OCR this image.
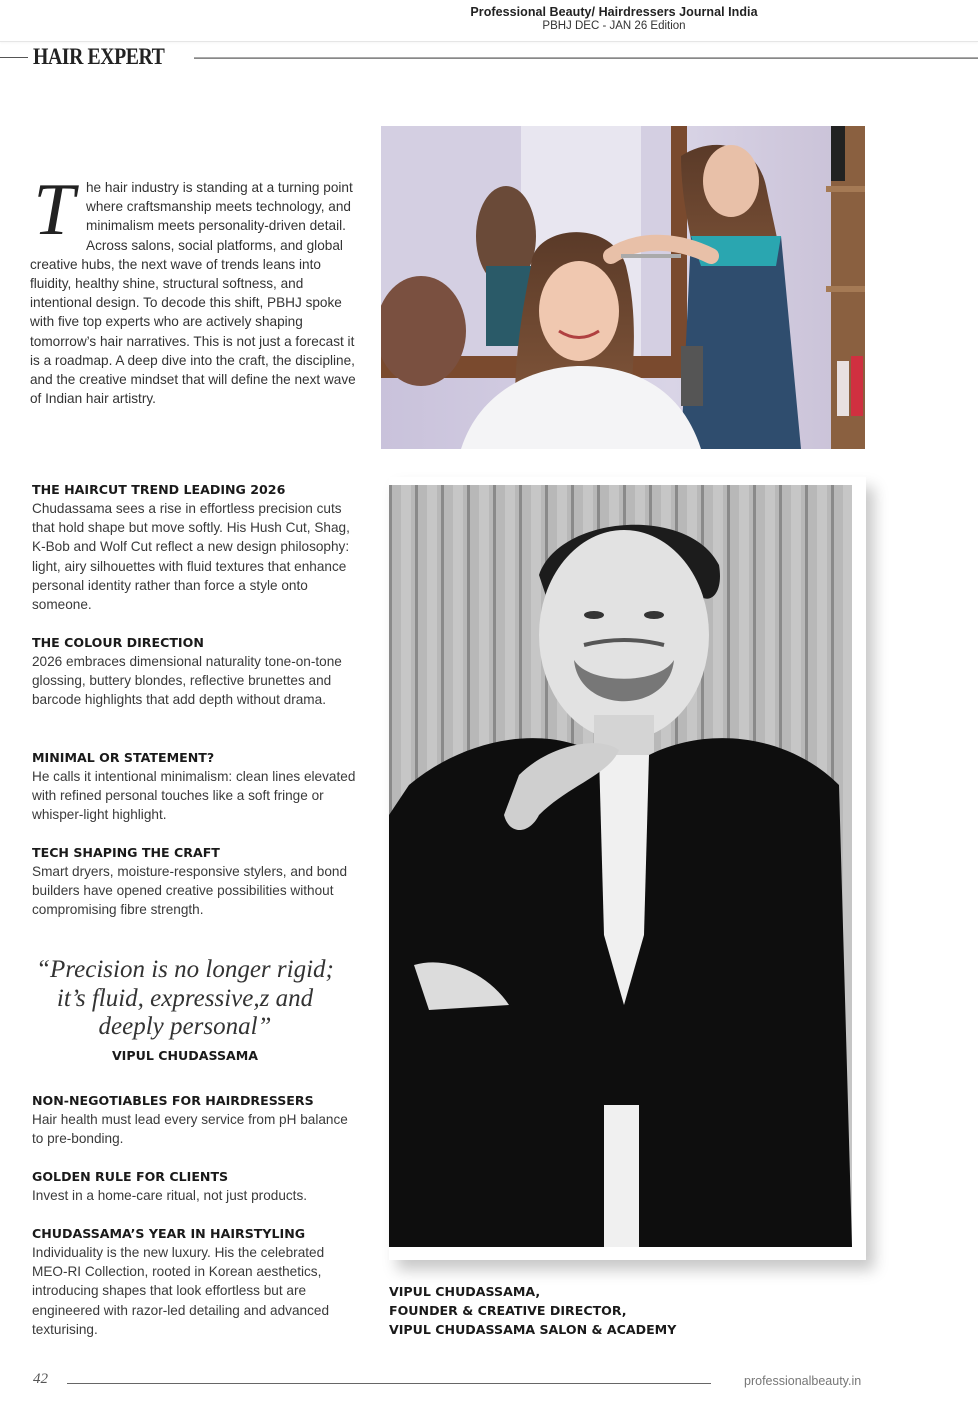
Professional Beauty/ Hairdressers Journal India
PBHJ DEC - JAN 26 Edition
HAIR EXPERT
T he hair industry is standing at a turning point where craftsmanship meets technology, and minimalism meets personality-driven detail. Across salons, social platforms, and global creative hubs, the next wave of trends leans into fluidity, healthy shine, structural softness, and intentional design. To decode this shift, PBHJ spoke with five top experts who are actively shaping tomorrow’s hair narratives. This is not just a forecast it is a roadmap. A deep dive into the craft, the discipline, and the creative mindset that will define the next wave of Indian hair artistry.

THE HAIRCUT TREND LEADING 2026

Chudassama sees a rise in effortless precision cuts that hold shape but move softly. His Hush Cut, Shag, K-Bob and Wolf Cut reflect a new design philosophy: light, airy silhouettes with fluid textures that enhance personal identity rather than force a style onto someone.

THE COLOUR DIRECTION

2026 embraces dimensional naturality tone-on-tone glossing, buttery blondes, reflective brunettes and barcode highlights that add depth without drama.

MINIMAL OR STATEMENT?

He calls it intentional minimalism: clean lines elevated with refined personal touches like a soft fringe or whisper-light highlight.

TECH SHAPING THE CRAFT

Smart dryers, moisture-responsive stylers, and bond builders have opened creative possibilities without compromising fibre strength.

“Precision is no longer rigid;
it’s fluid, expressive,z and
deeply personal”
VIPUL CHUDASSAMA
NON-NEGOTIABLES FOR HAIRDRESSERS

Hair health must lead every service from pH balance to pre-bonding.

GOLDEN RULE FOR CLIENTS

Invest in a home-care ritual, not just products.

CHUDASSAMA’S YEAR IN HAIRSTYLING

Individuality is the new luxury. His the celebrated MEO-RI Collection, rooted in Korean aesthetics, introducing shapes that look effortless but are engineered with razor-led detailing and advanced texturising.

VIPUL CHUDASSAMA,
FOUNDER & CREATIVE DIRECTOR,
VIPUL CHUDASSAMA SALON & ACADEMY
42	professionalbeauty.in
